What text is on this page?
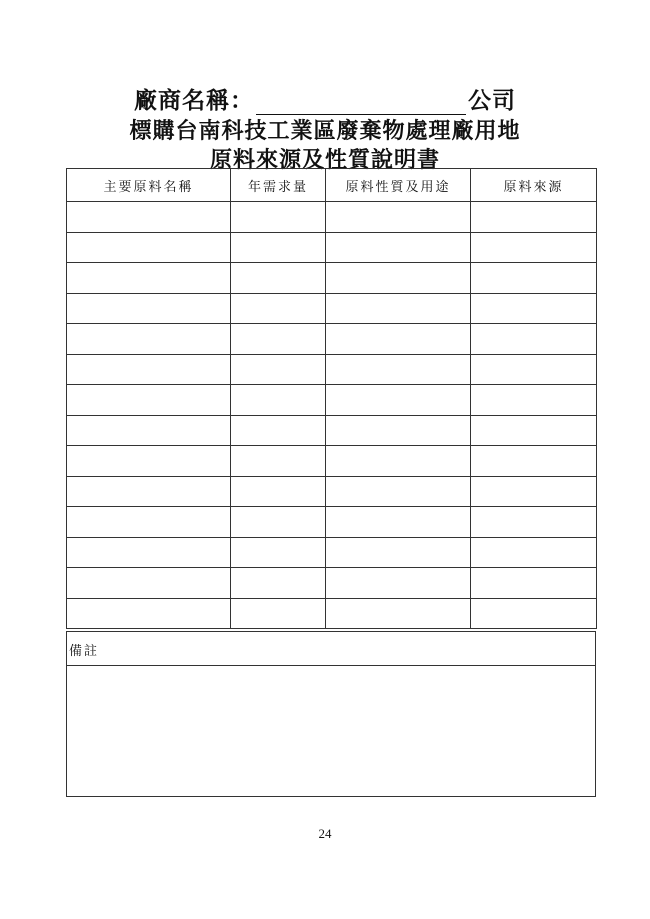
廠商名稱：	公司
標購台南科技工業區廢棄物處理廠用地
原料來源及性質說明書
主要原料名稱	年需求量	原料性質及用途	原料來源

備註
24
